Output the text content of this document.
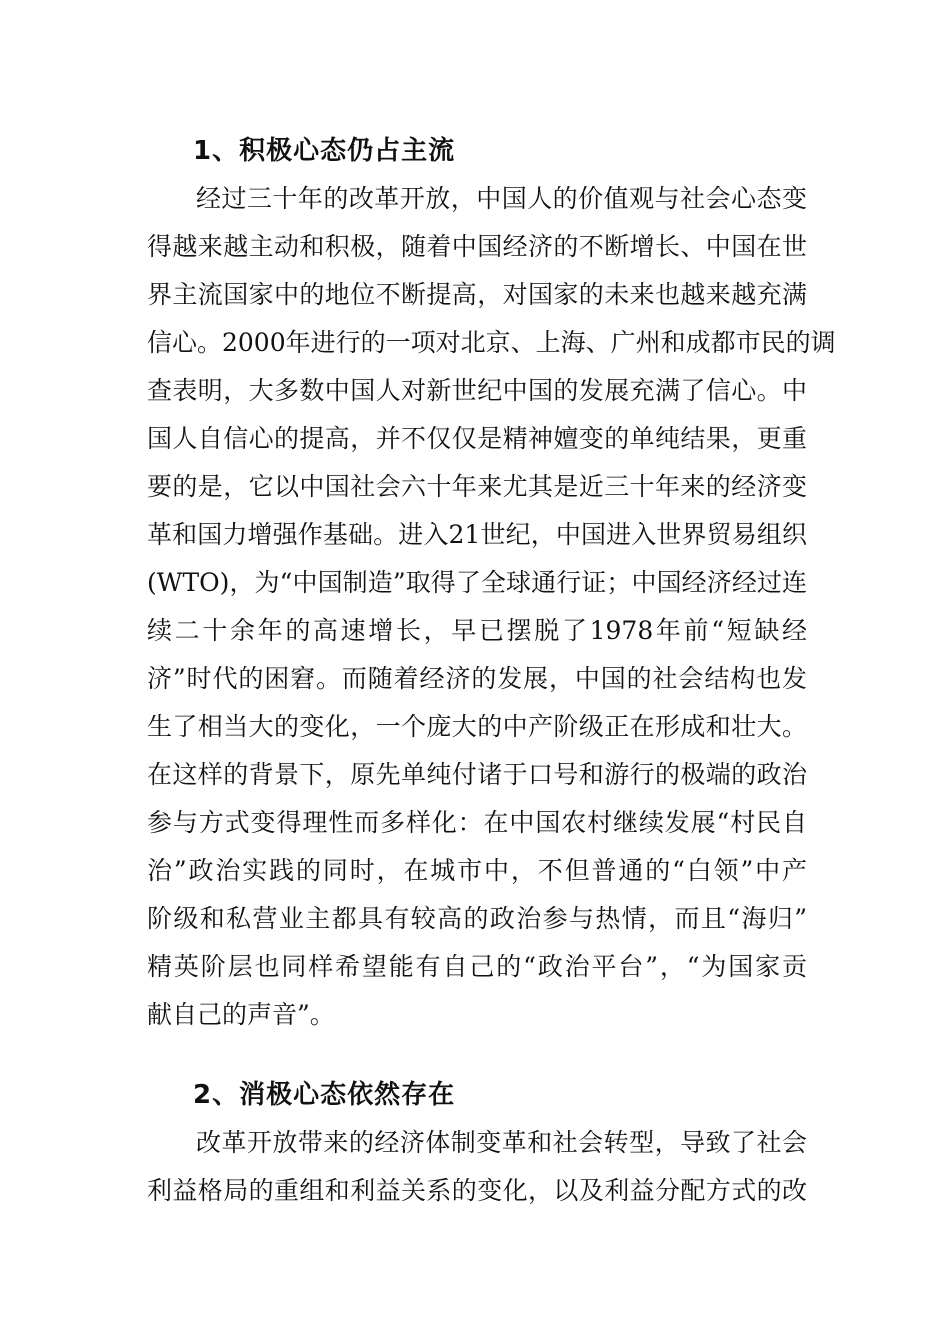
1、积极心态仍占主流
经过三十年的改革开放，中国人的价值观与社会心态变
得越来越主动和积极，随着中国经济的不断增长、中国在世
界主流国家中的地位不断提高，对国家的未来也越来越充满
信心。2000年进行的一项对北京、上海、广州和成都市民的调
查表明，大多数中国人对新世纪中国的发展充满了信心。中
国人自信心的提高，并不仅仅是精神嬗变的单纯结果，更重
要的是，它以中国社会六十年来尤其是近三十年来的经济变
革和国力增强作基础。进入21世纪，中国进入世界贸易组织
(WTO)，为“中国制造”取得了全球通行证；中国经济经过连
续二十余年的高速增长，早已摆脱了1978年前“短缺经
济”时代的困窘。而随着经济的发展，中国的社会结构也发
生了相当大的变化，一个庞大的中产阶级正在形成和壮大。
在这样的背景下，原先单纯付诸于口号和游行的极端的政治
参与方式变得理性而多样化：在中国农村继续发展“村民自
治”政治实践的同时，在城市中，不但普通的“白领”中产
阶级和私营业主都具有较高的政治参与热情，而且“海归”
精英阶层也同样希望能有自己的“政治平台”，“为国家贡
献自己的声音”。
2、消极心态依然存在
改革开放带来的经济体制变革和社会转型，导致了社会
利益格局的重组和利益关系的变化，以及利益分配方式的改
